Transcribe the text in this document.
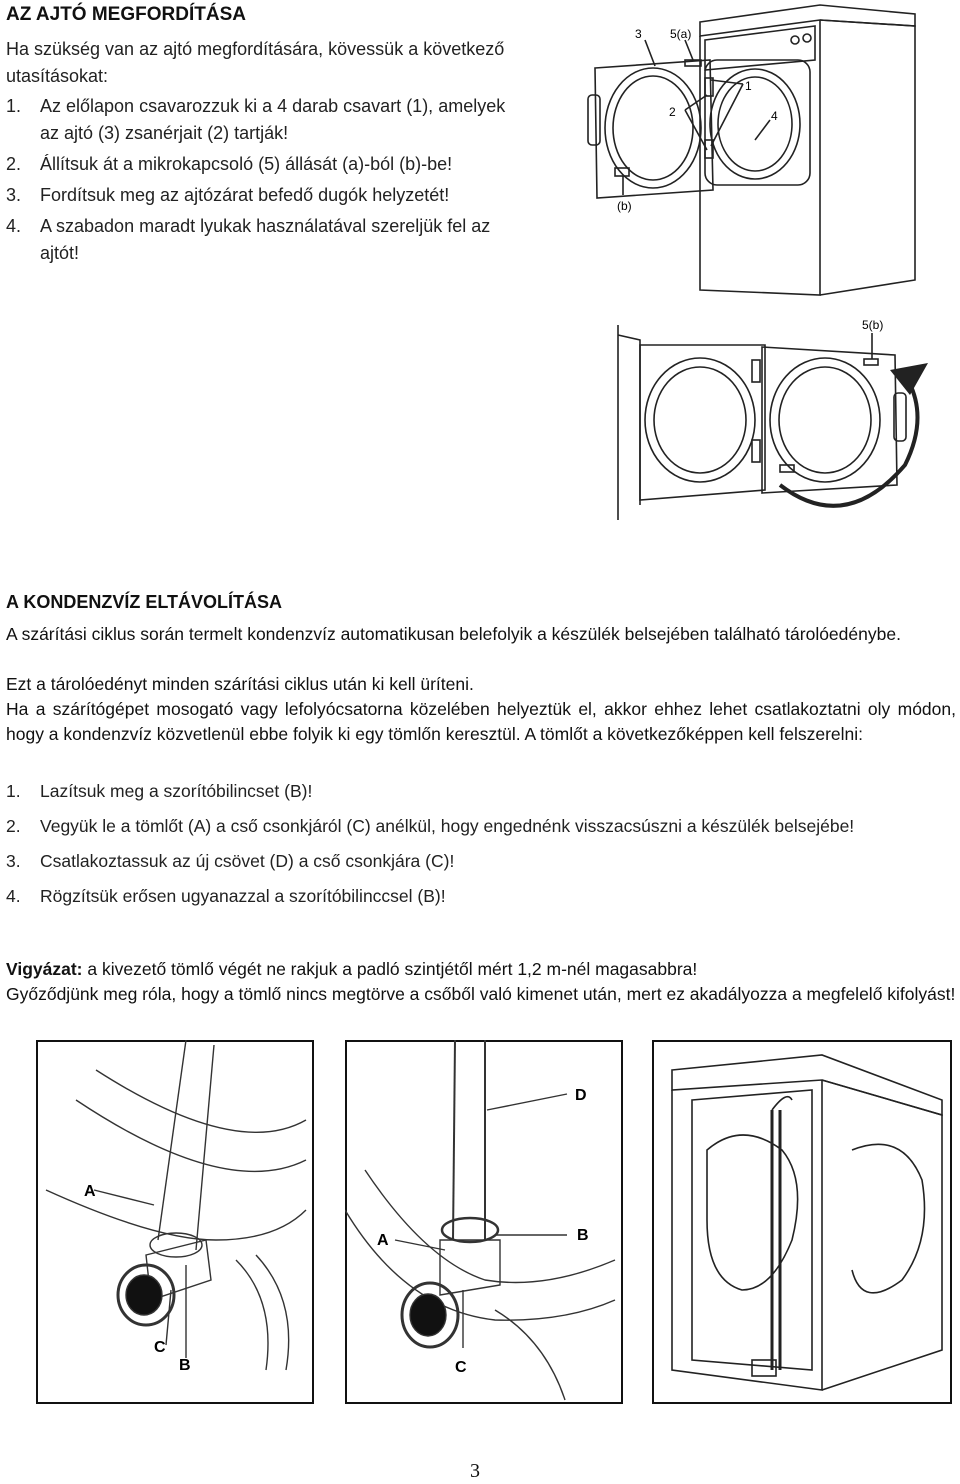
AZ AJTÓ MEGFORDÍTÁSA
Ha szükség van az ajtó megfordítására, kövessük a következő utasításokat:
1.	Az előlapon csavarozzuk ki a 4 darab csavart (1), amelyek az ajtó (3) zsanérjait (2) tartják!
2.	Állítsuk át a mikrokapcsoló (5) állását (a)-ból (b)-be!
3.	Fordítsuk meg az ajtózárat befedő dugók helyzetét!
4.	A szabadon maradt lyukak használatával szereljük fel az ajtót!
3 5(a)
1
2	4
(b)
5(b)
A KONDENZVÍZ ELTÁVOLÍTÁSA
A szárítási ciklus során termelt kondenzvíz automatikusan belefolyik a készülék belsejében található tárolóedénybe.
Ezt a tárolóedényt minden szárítási ciklus után ki kell üríteni.
Ha a szárítógépet mosogató vagy lefolyócsatorna közelében helyeztük el, akkor ehhez lehet csatlakoztatni oly módon, hogy a kondenzvíz közvetlenül ebbe folyik ki egy tömlőn keresztül. A tömlőt a következőképpen kell felszerelni:
1.	Lazítsuk meg a szorítóbilincset (B)!
2.	Vegyük le a tömlőt (A) a cső csonkjáról (C) anélkül, hogy engednénk visszacsúszni a készülék belsejébe!
3.	Csatlakoztassuk az új csövet (D) a cső csonkjára (C)!
4.	Rögzítsük erősen ugyanazzal a szorítóbilinccsel (B)!
Vigyázat: a kivezető tömlő végét ne rakjuk a padló szintjétől mért 1,2 m-nél magasabbra!
Győződjünk meg róla, hogy a tömlő nincs megtörve a csőből való kimenet után, mert ez akadályozza a megfelelő kifolyást!
A
C
B
D
A	B
C
3
